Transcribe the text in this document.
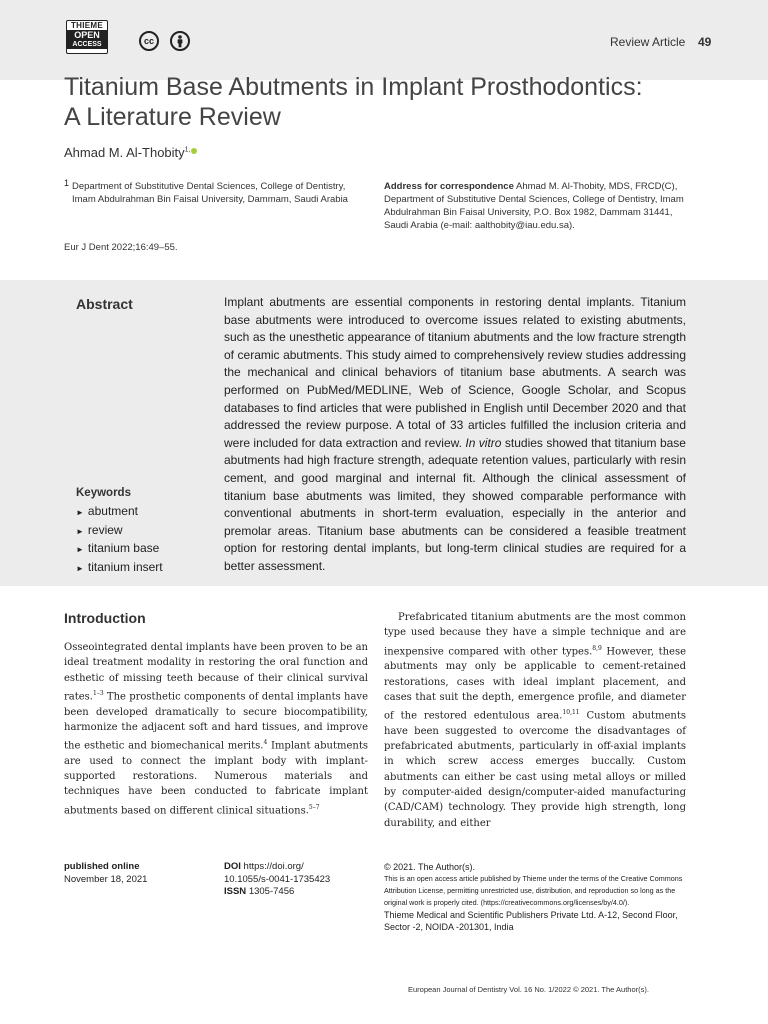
THIEME
OPEN
ACCESS	cc	Review Article 49
Titanium Base Abutments in Implant Prosthodontics:
A Literature Review
Ahmad M. Al-Thobity$^{1,}$
1 Department of Substitutive Dental Sciences, College of Dentistry, Imam Abdulrahman Bin Faisal University, Dammam, Saudi Arabia
Address for correspondence Ahmad M. Al-Thobity, MDS, FRCD(C), Department of Substitutive Dental Sciences, College of Dentistry, Imam Abdulrahman Bin Faisal University, P.O. Box 1982, Dammam 31441, Saudi Arabia (e-mail: aalthobity@iau.edu.sa).
Eur J Dent 2022;16:49–55.
Abstract	Implant abutments are essential components in restoring dental implants. Titanium base abutments were introduced to overcome issues related to existing abutments, such as the unesthetic appearance of titanium abutments and the low fracture strength of ceramic abutments. This study aimed to comprehensively review studies addressing the mechanical and clinical behaviors of titanium base abutments. A search was performed on PubMed/MEDLINE, Web of Science, Google Scholar, and Scopus databases to find articles that were published in English until December 2020 and that addressed the review purpose. A total of 33 articles fulfilled the inclusion criteria and were included for data extraction and review. In vitro studies showed that titanium base abutments had high fracture strength, adequate retention values, particularly with resin cement, and good marginal and internal fit. Although the clinical assessment of titanium base abutments was limited, they showed comparable performance with conventional abutments in short-term evaluation, especially in the anterior and premolar areas. Titanium base abutments can be considered a feasible treatment option for restoring dental implants, but long-term clinical studies are required for a better assessment.
Keywords
► abutment
► review
► titanium base
► titanium insert
Introduction
Osseointegrated dental implants have been proven to be an ideal treatment modality in restoring the oral function and esthetic of missing teeth because of their clinical survival rates.$^{1-3}$ The prosthetic components of dental implants have been developed dramatically to secure biocompatibility, harmonize the adjacent soft and hard tissues, and improve the esthetic and biomechanical merits.$^4$ Implant abutments are used to connect the implant body with implant-supported restorations. Numerous materials and techniques have been conducted to fabricate implant abutments based on different clinical situations.$^{5-7}$
Prefabricated titanium abutments are the most common type used because they have a simple technique and are inexpensive compared with other types.$^{8,9}$ However, these abutments may only be applicable to cement-retained restorations, cases with ideal implant placement, and cases that suit the depth, emergence profile, and diameter of the restored edentulous area.$^{10,11}$ Custom abutments have been suggested to overcome the disadvantages of prefabricated abutments, particularly in off-axial implants in which screw access emerges buccally. Custom abutments can either be cast using metal alloys or milled by computer-aided design/computer-aided manufacturing (CAD/CAM) technology. They provide high strength, long durability, and either
published online
November 18, 2021
DOI https://doi.org/
10.1055/s-0041-1735423
ISSN 1305-7456
© 2021. The Author(s).
This is an open access article published by Thieme under the terms of the Creative Commons Attribution License, permitting unrestricted use, distribution, and reproduction so long as the original work is properly cited. (https://creativecommons.org/licenses/by/4.0/).
Thieme Medical and Scientific Publishers Private Ltd. A-12, Second Floor, Sector -2, NOIDA -201301, India
European Journal of Dentistry Vol. 16 No. 1/2022 © 2021. The Author(s).
